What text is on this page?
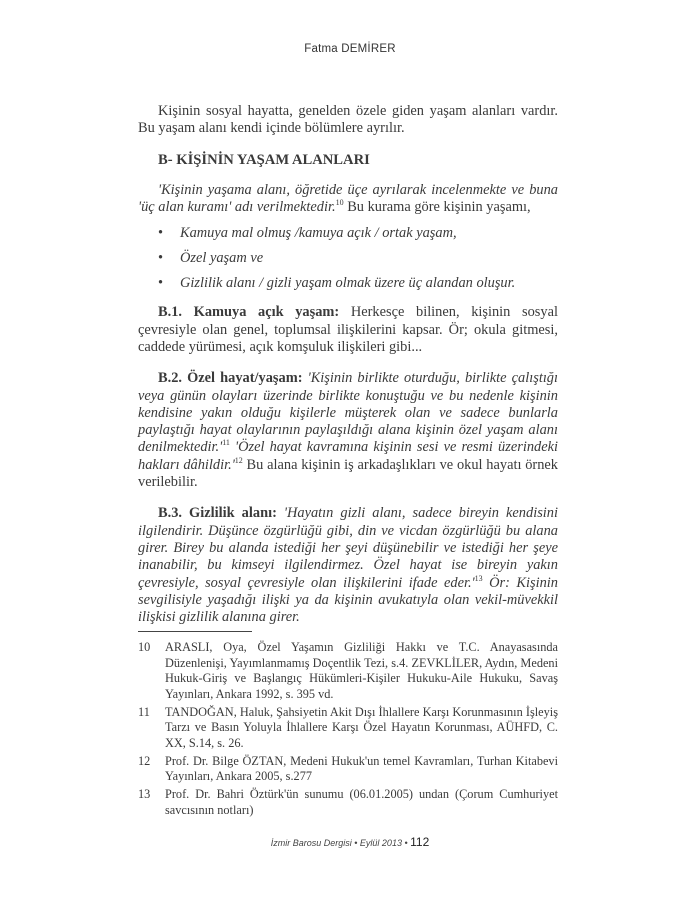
Fatma DEMİRER

Kişinin sosyal hayatta, genelden özele giden yaşam alanları vardır. Bu yaşam alanı kendi içinde bölümlere ayrılır.

B- KİŞİNİN YAŞAM ALANLARI

'Kişinin yaşama alanı, öğretide üçe ayrılarak incelenmekte ve buna 'üç alan kuramı' adı verilmektedir.$^{10}$ Bu kurama göre kişinin yaşamı,

• Kamuya mal olmuş /kamuya açık / ortak yaşam,
• Özel yaşam ve
• Gizlilik alanı / gizli yaşam olmak üzere üç alandan oluşur.

B.1. Kamuya açık yaşam: Herkesçe bilinen, kişinin sosyal çevresiyle olan genel, toplumsal ilişkilerini kapsar. Ör; okula gitmesi, caddede yürümesi, açık komşuluk ilişkileri gibi...

B.2. Özel hayat/yaşam: 'Kişinin birlikte oturduğu, birlikte çalıştığı veya günün olayları üzerinde birlikte konuştuğu ve bu nedenle kişinin kendisine yakın olduğu kişilerle müşterek olan ve sadece bunlarla paylaştığı hayat olaylarının paylaşıldığı alana kişinin özel yaşam alanı $denilmektedir.'^{11}$ 'Özel hayat kavramına kişinin sesi ve resmi üzerindeki hakları $dâhildir.'^{12}$ Bu alana kişinin iş arkadaşlıkları ve okul hayatı örnek verilebilir.

B.3. Gizlilik alanı: 'Hayatın gizli alanı, sadece bireyin kendisini ilgilendirir. Düşünce özgürlüğü gibi, din ve vicdan özgürlüğü bu alana girer. Birey bu alanda istediği her şeyi düşünebilir ve istediği her şeye inanabilir, bu kimseyi ilgilendirmez. Özel hayat ise bireyin yakın çevresiyle, sosyal çevresiyle olan ilişkilerini ifade $eder.'^{13}$ Ör: Kişinin sevgilisiyle yaşadığı ilişki ya da kişinin avukatıyla olan vekil-müvekkil ilişkisi gizlilik alanına girer.

10 ARASLI, Oya, Özel Yaşamın Gizliliği Hakkı ve T.C. Anayasasında Düzenlenişi, Yayımlanmamış Doçentlik Tezi, s.4. ZEVKLİLER, Aydın, Medeni Hukuk-Giriş ve Başlangıç Hükümleri-Kişiler Hukuku-Aile Hukuku, Savaş Yayınları, Ankara 1992, s. 395 vd.
11 TANDOĞAN, Haluk, Şahsiyetin Akit Dışı İhlallere Karşı Korunmasının İşleyiş Tarzı ve Basın Yoluyla İhlallere Karşı Özel Hayatın Korunması, AÜHFD, C. XX, S.14, s. 26.
12 Prof. Dr. Bilge ÖZTAN, Medeni Hukuk'un temel Kavramları, Turhan Kitabevi Yayınları, Ankara 2005, s.277
13 Prof. Dr. Bahri Öztürk'ün sunumu (06.01.2005) undan (Çorum Cumhuriyet savcısının notları)
İzmir Barosu Dergisi • Eylül 2013 • 112
